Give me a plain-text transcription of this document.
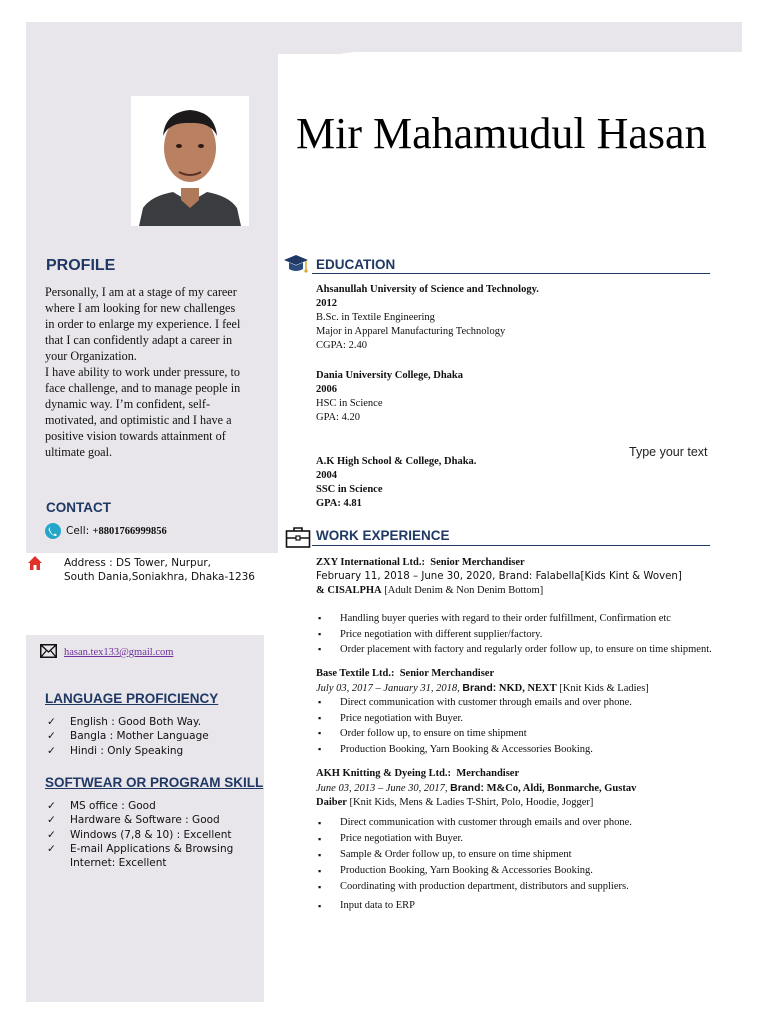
Mir Mahamudul Hasan
PROFILE
Personally, I am at a stage of my career
where I am looking for new challenges
in order to enlarge my experience. I feel
that I can confidently adapt a career in
your Organization.
I have ability to work under pressure, to
face challenge, and to manage people in
dynamic way. I’m confident, self-
motivated, and optimistic and I have a
positive vision towards attainment of
ultimate goal.
CONTACT
Cell: +8801766999856
Address : DS Tower, Nurpur,
South Dania,Soniakhra, Dhaka-1236
hasan.tex133@gmail.com
LANGUAGE PROFICIENCY
✓ English : Good Both Way.
✓ Bangla : Mother Language
✓ Hindi : Only Speaking
SOFTWEAR OR PROGRAM SKILL
✓ MS office : Good
✓ Hardware & Software : Good
✓ Windows (7,8 & 10) : Excellent
✓ E-mail Applications & Browsing
Internet: Excellent
EDUCATION
Ahsanullah University of Science and Technology.
2012
B.Sc. in Textile Engineering
Major in Apparel Manufacturing Technology
CGPA: 2.40
Dania University College, Dhaka
2006
HSC in Science
GPA: 4.20
A.K High School & College, Dhaka.
2004
SSC in Science
GPA: 4.81
Type your text
WORK EXPERIENCE
ZXY International Ltd.: Senior Merchandiser
February 11, 2018 – June 30, 2020, Brand: Falabella[Kids Kint & Woven]
& CISALPHA [Adult Denim & Non Denim Bottom]
▪ Handling buyer queries with regard to their order fulfillment, Confirmation etc
▪ Price negotiation with different supplier/factory.
▪ Order placement with factory and regularly order follow up, to ensure on time shipment.
Base Textile Ltd.: Senior Merchandiser
July 03, 2017 – January 31, 2018, Brand: NKD, NEXT [Knit Kids & Ladies]
▪ Direct communication with customer through emails and over phone.
▪ Price negotiation with Buyer.
▪ Order follow up, to ensure on time shipment
▪ Production Booking, Yarn Booking & Accessories Booking.
AKH Knitting & Dyeing Ltd.: Merchandiser
June 03, 2013 – June 30, 2017, Brand: M&Co, Aldi, Bonmarche, Gustav
Daiber [Knit Kids, Mens & Ladies T-Shirt, Polo, Hoodie, Jogger]
▪ Direct communication with customer through emails and over phone.
▪ Price negotiation with Buyer.
▪ Sample & Order follow up, to ensure on time shipment
▪ Production Booking, Yarn Booking & Accessories Booking.
▪ Coordinating with production department, distributors and suppliers.
▪ Input data to ERP
